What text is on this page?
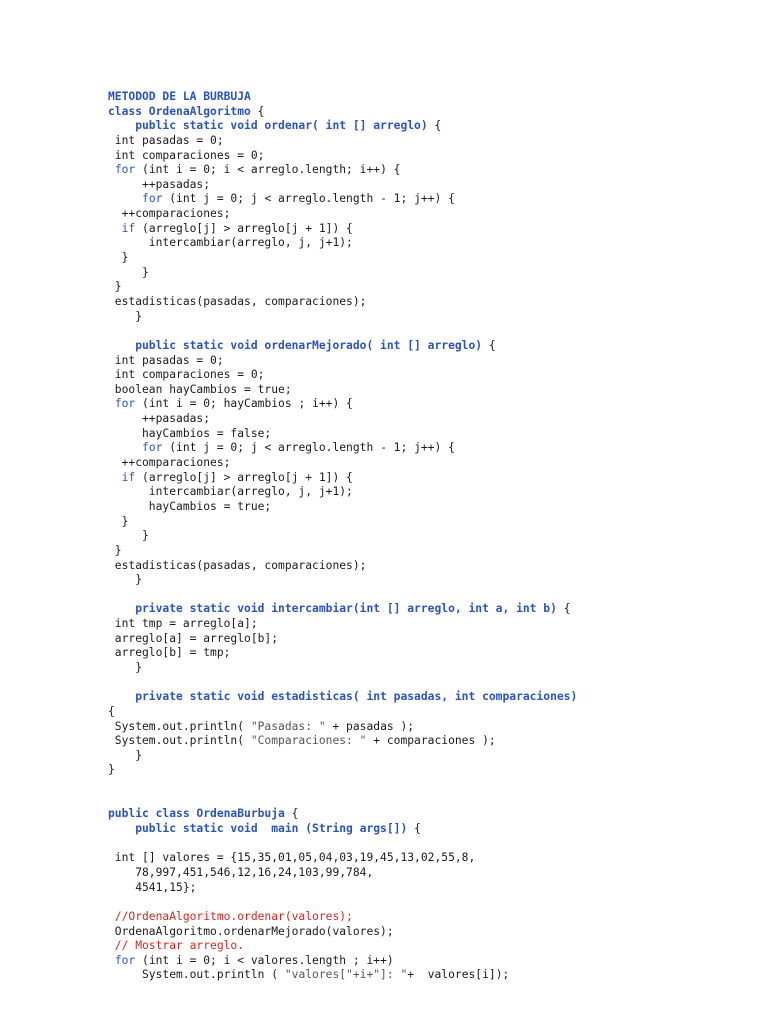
METODOD DE LA BURBUJA
class OrdenaAlgoritmo {
public static void ordenar( int [] arreglo) {
int pasadas = 0;
int comparaciones = 0;
for (int i = 0; i < arreglo.length; i++) {
++pasadas;
for (int j = 0; j < arreglo.length - 1; j++) {
++comparaciones;
if (arreglo[j] > arreglo[j + 1]) {
intercambiar(arreglo, j, j+1);
}
}
}
estadisticas(pasadas, comparaciones);
}
public static void ordenarMejorado( int [] arreglo) {
int pasadas = 0;
int comparaciones = 0;
boolean hayCambios = true;
for (int i = 0; hayCambios ; i++) {
++pasadas;
hayCambios = false;
for (int j = 0; j < arreglo.length - 1; j++) {
++comparaciones;
if (arreglo[j] > arreglo[j + 1]) {
intercambiar(arreglo, j, j+1);
hayCambios = true;
}
}
}
estadisticas(pasadas, comparaciones);
}
private static void intercambiar(int [] arreglo, int a, int b) {
int tmp = arreglo[a];
arreglo[a] = arreglo[b];
arreglo[b] = tmp;
}
private static void estadisticas( int pasadas, int comparaciones)
{
System.out.println( "Pasadas: " + pasadas );
System.out.println( "Comparaciones: " + comparaciones );
}
}
public class OrdenaBurbuja {
public static void  main (String args[]) {
int [] valores = {15,35,01,05,04,03,19,45,13,02,55,8,
78,997,451,546,12,16,24,103,99,784,
4541,15};
//OrdenaAlgoritmo.ordenar(valores);
OrdenaAlgoritmo.ordenarMejorado(valores);
// Mostrar arreglo.
for (int i = 0; i < valores.length ; i++)
System.out.println ( "valores["+i+"]: "+  valores[i]);
